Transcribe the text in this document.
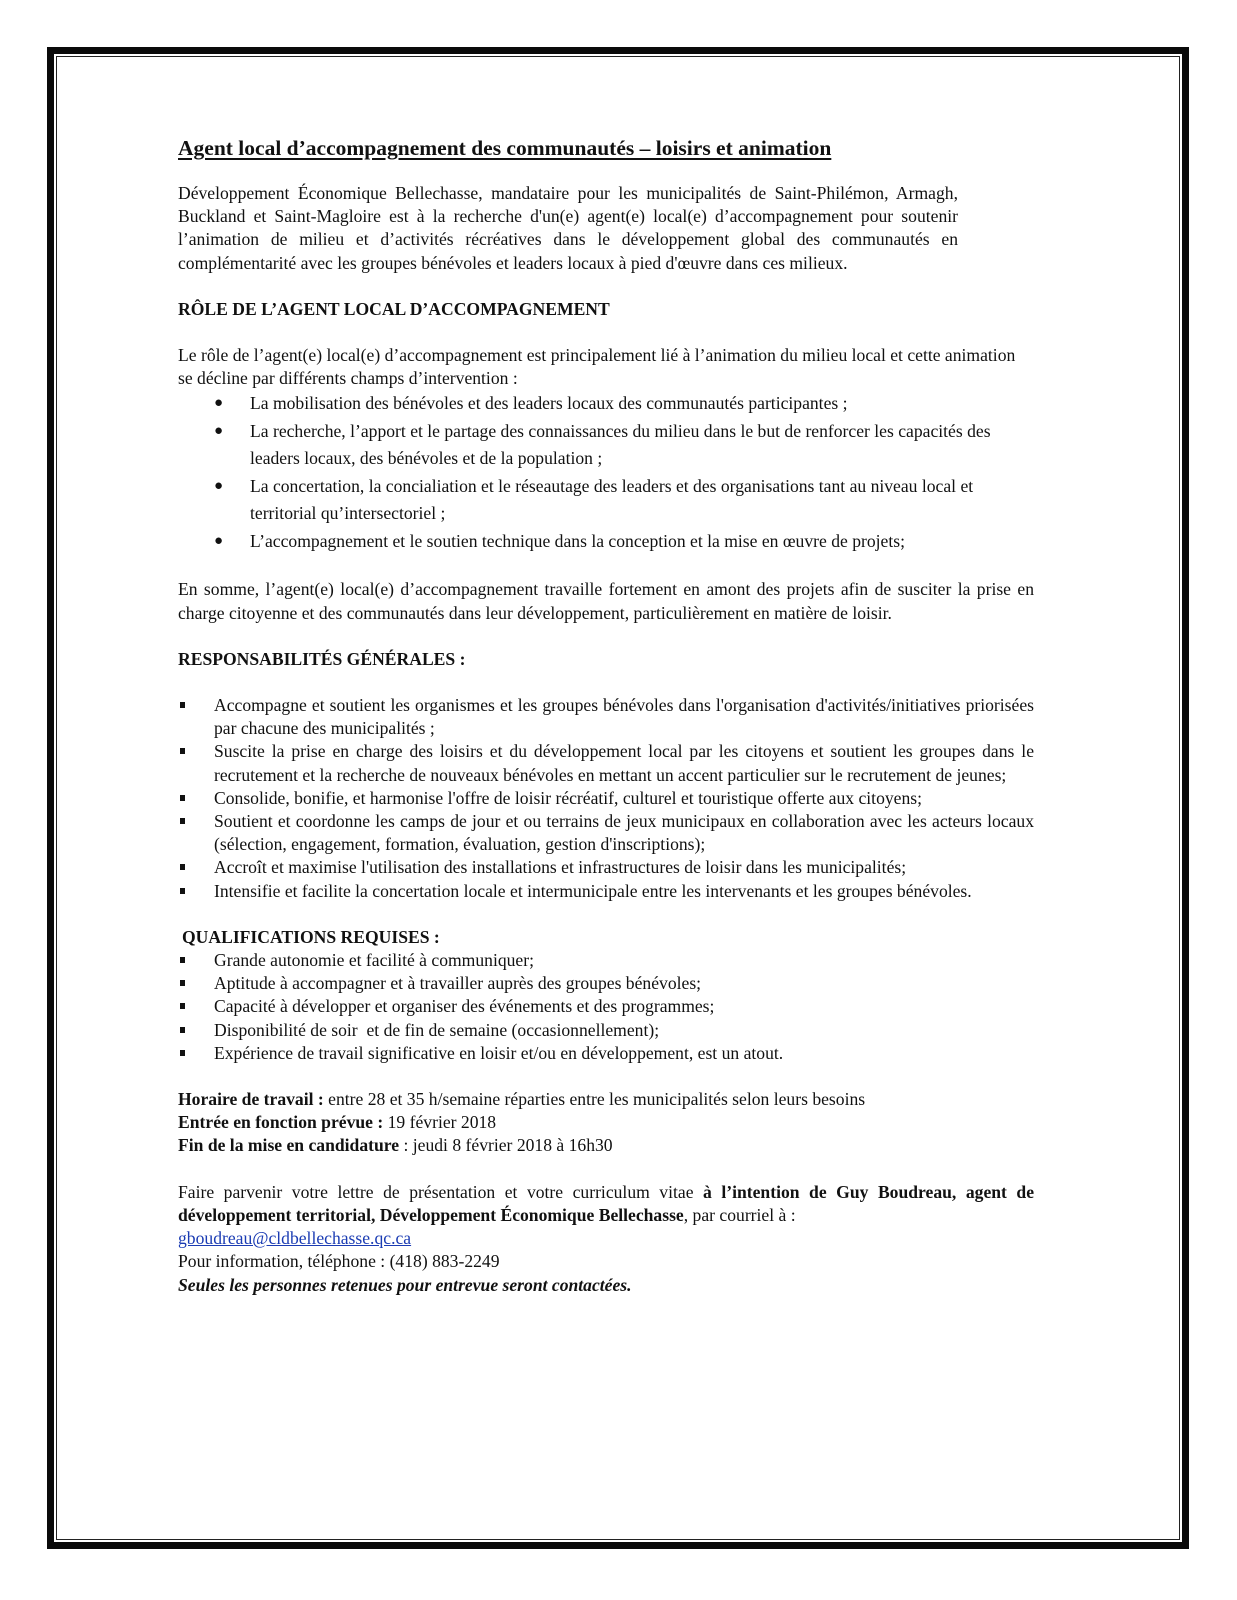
Agent local d’accompagnement des communautés – loisirs et animation

Développement Économique Bellechasse, mandataire pour les municipalités de Saint-Philémon, Armagh, Buckland et Saint-Magloire est à la recherche d'un(e) agent(e) local(e) d’accompagnement pour soutenir l’animation de milieu et d’activités récréatives dans le développement global des communautés en complémentarité avec les groupes bénévoles et leaders locaux à pied d'œuvre dans ces milieux.

RÔLE DE L’AGENT LOCAL D’ACCOMPAGNEMENT

Le rôle de l’agent(e) local(e) d’accompagnement est principalement lié à l’animation du milieu local et cette animation se décline par différents champs d’intervention :

● La mobilisation des bénévoles et des leaders locaux des communautés participantes ;
● La recherche, l’apport et le partage des connaissances du milieu dans le but de renforcer les capacités des leaders locaux, des bénévoles et de la population ;
● La concertation, la concialiation et le réseautage des leaders et des organisations tant au niveau local et territorial qu’intersectoriel ;
● L’accompagnement et le soutien technique dans la conception et la mise en œuvre de projets;

En somme, l’agent(e) local(e) d’accompagnement travaille fortement en amont des projets afin de susciter la prise en charge citoyenne et des communautés dans leur développement, particulièrement en matière de loisir.

RESPONSABILITÉS GÉNÉRALES :

Accompagne et soutient les organismes et les groupes bénévoles dans l'organisation d'activités/initiatives priorisées par chacune des municipalités ;
Suscite la prise en charge des loisirs et du développement local par les citoyens et soutient les groupes dans le recrutement et la recherche de nouveaux bénévoles en mettant un accent particulier sur le recrutement de jeunes;
Consolide, bonifie, et harmonise l'offre de loisir récréatif, culturel et touristique offerte aux citoyens;
Soutient et coordonne les camps de jour et ou terrains de jeux municipaux en collaboration avec les acteurs locaux (sélection, engagement, formation, évaluation, gestion d'inscriptions);
Accroît et maximise l'utilisation des installations et infrastructures de loisir dans les municipalités;
Intensifie et facilite la concertation locale et intermunicipale entre les intervenants et les groupes bénévoles.

QUALIFICATIONS REQUISES :

Grande autonomie et facilité à communiquer;
Aptitude à accompagner et à travailler auprès des groupes bénévoles;
Capacité à développer et organiser des événements et des programmes;
Disponibilité de soir  et de fin de semaine (occasionnellement);
Expérience de travail significative en loisir et/ou en développement, est un atout.

Horaire de travail : entre 28 et 35 h/semaine réparties entre les municipalités selon leurs besoins

Entrée en fonction prévue : 19 février 2018

Fin de la mise en candidature : jeudi 8 février 2018 à 16h30

Faire parvenir votre lettre de présentation et votre curriculum vitae à l’intention de Guy Boudreau, agent de développement territorial, Développement Économique Bellechasse, par courriel à :

gboudreau@cldbellechasse.qc.ca

Pour information, téléphone : (418) 883-2249

Seules les personnes retenues pour entrevue seront contactées.
